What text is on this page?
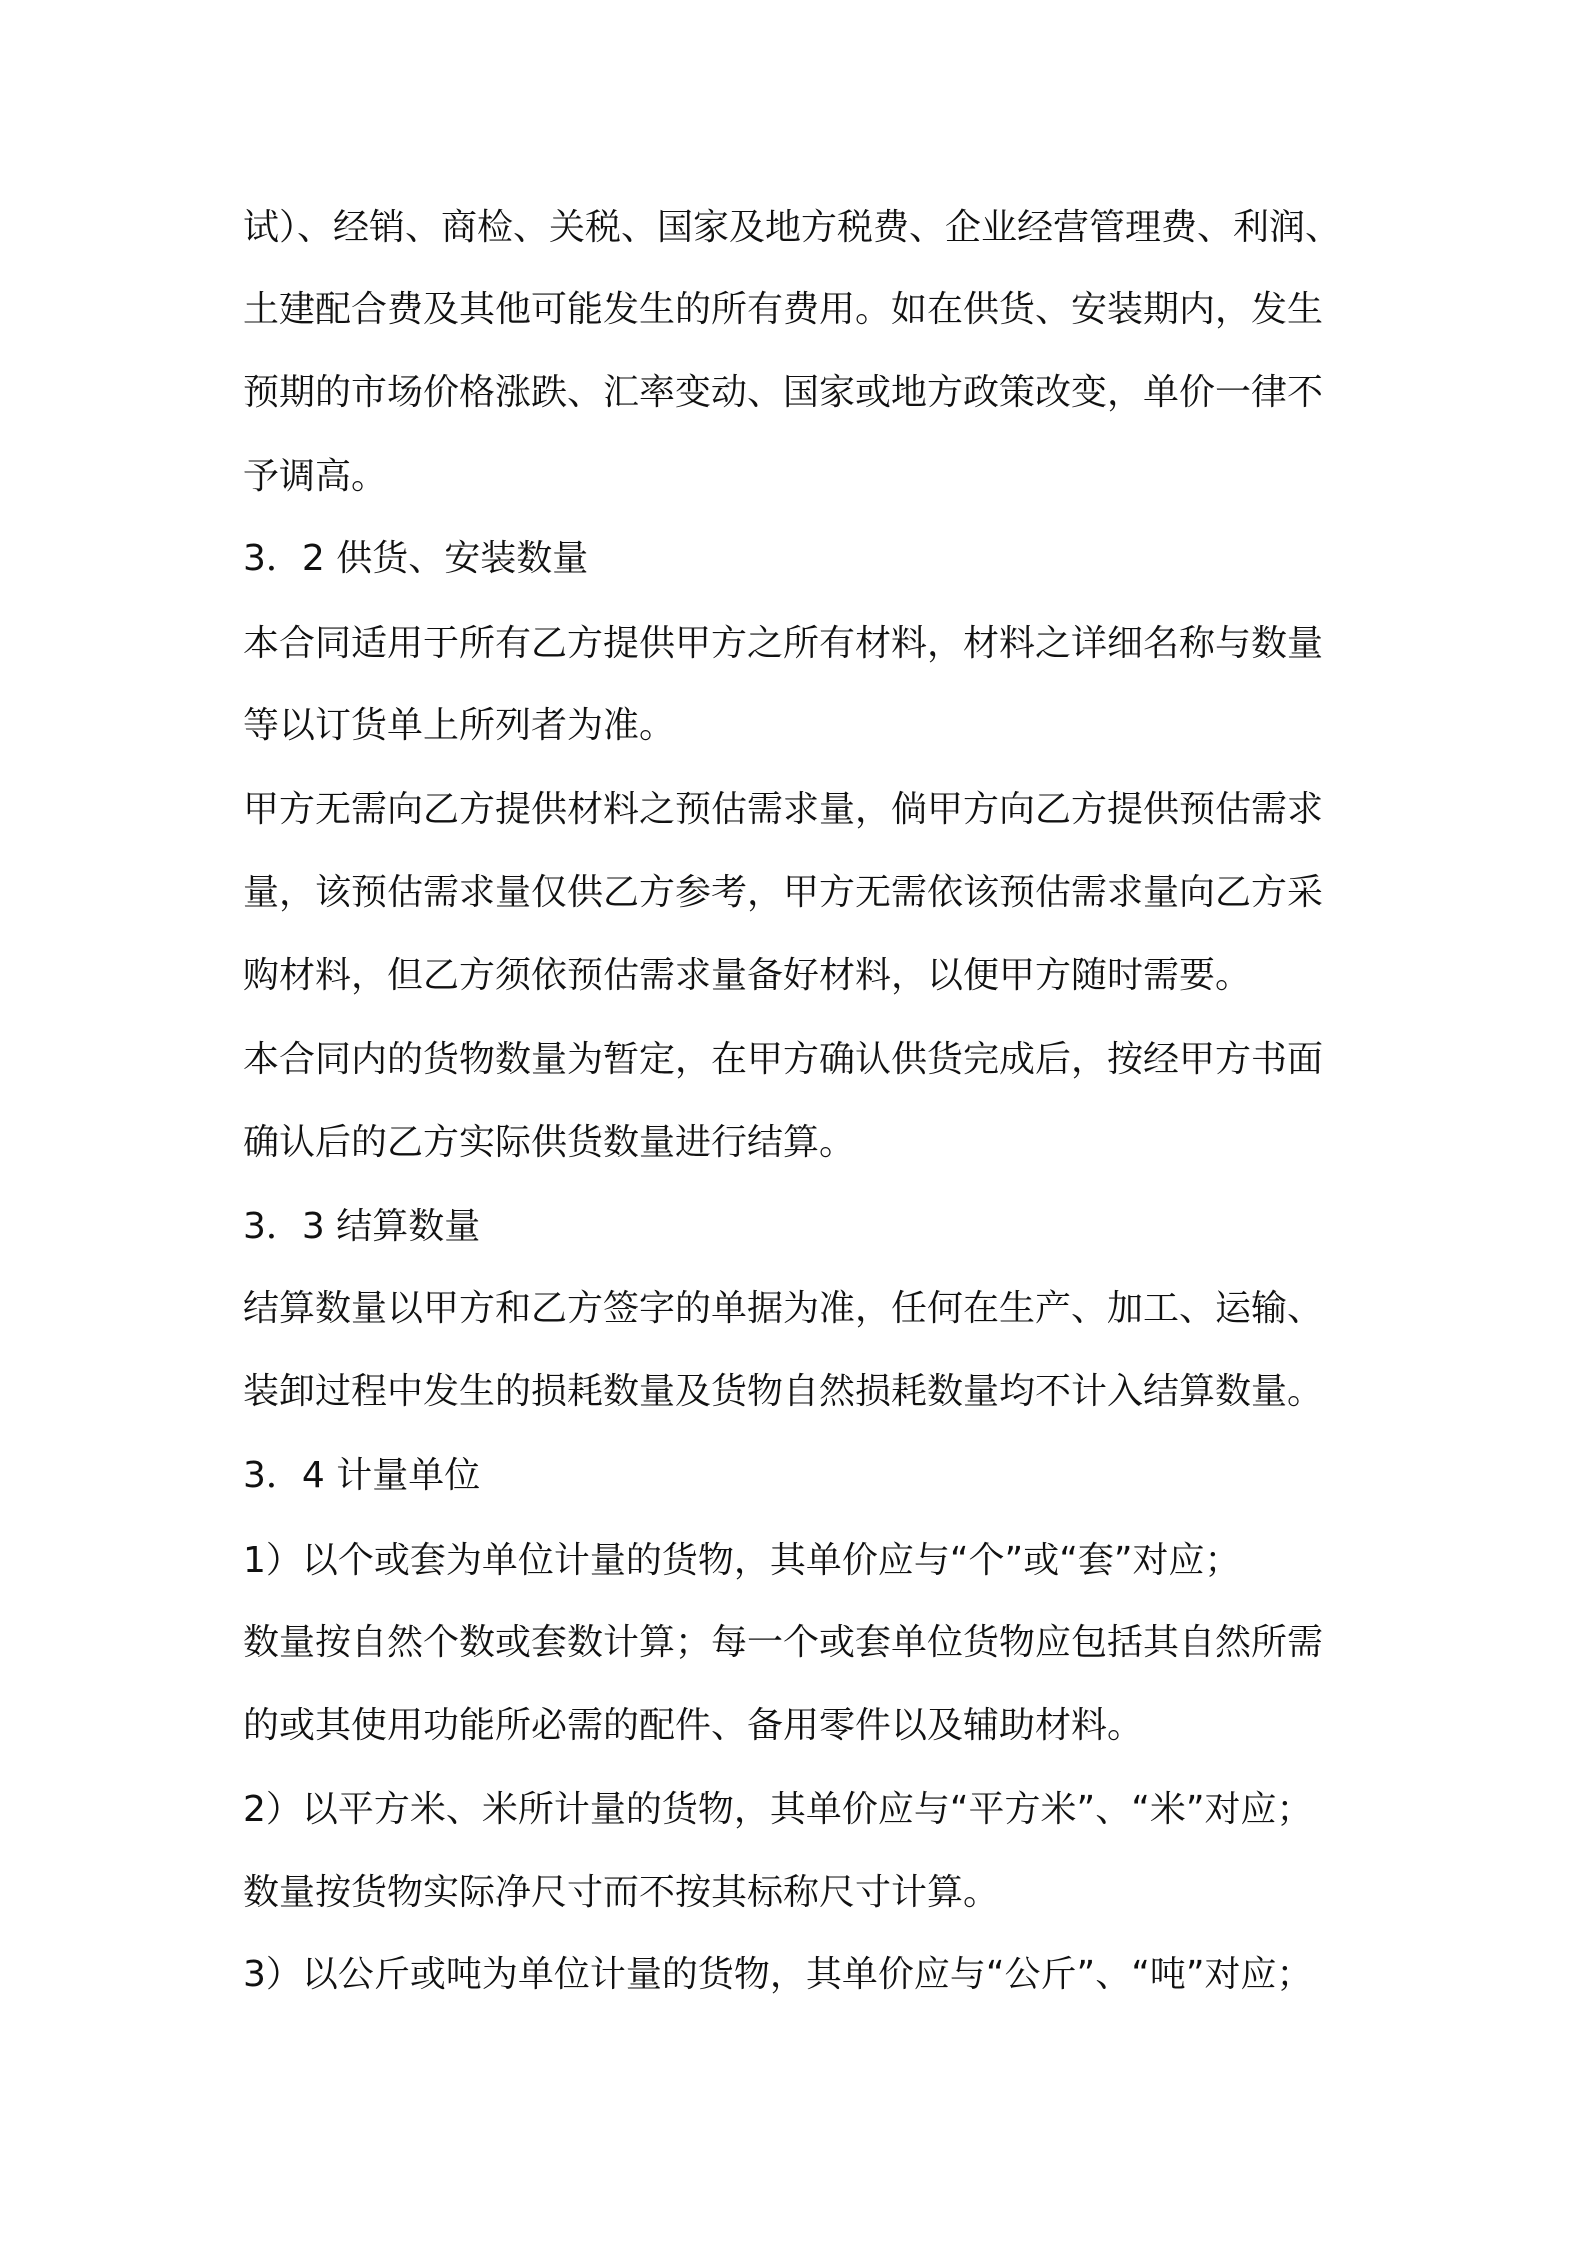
试）、经销、商检、关税、国家及地方税费、企业经营管理费、利润、
土建配合费及其他可能发生的所有费用。如在供货、安装期内，发生
预期的市场价格涨跌、汇率变动、国家或地方政策改变，单价一律不
予调高。
3．2 供货、安装数量
本合同适用于所有乙方提供甲方之所有材料，材料之详细名称与数量
等以订货单上所列者为准。
甲方无需向乙方提供材料之预估需求量，倘甲方向乙方提供预估需求
量，该预估需求量仅供乙方参考，甲方无需依该预估需求量向乙方采
购材料，但乙方须依预估需求量备好材料，以便甲方随时需要。
本合同内的货物数量为暂定，在甲方确认供货完成后，按经甲方书面
确认后的乙方实际供货数量进行结算。
3．3 结算数量
结算数量以甲方和乙方签字的单据为准，任何在生产、加工、运输、
装卸过程中发生的损耗数量及货物自然损耗数量均不计入结算数量。
3．4 计量单位
1）以个或套为单位计量的货物，其单价应与“个”或“套”对应；
数量按自然个数或套数计算；每一个或套单位货物应包括其自然所需
的或其使用功能所必需的配件、备用零件以及辅助材料。
2）以平方米、米所计量的货物，其单价应与“平方米”、“米”对应；
数量按货物实际净尺寸而不按其标称尺寸计算。
3）以公斤或吨为单位计量的货物，其单价应与“公斤”、“吨”对应；
